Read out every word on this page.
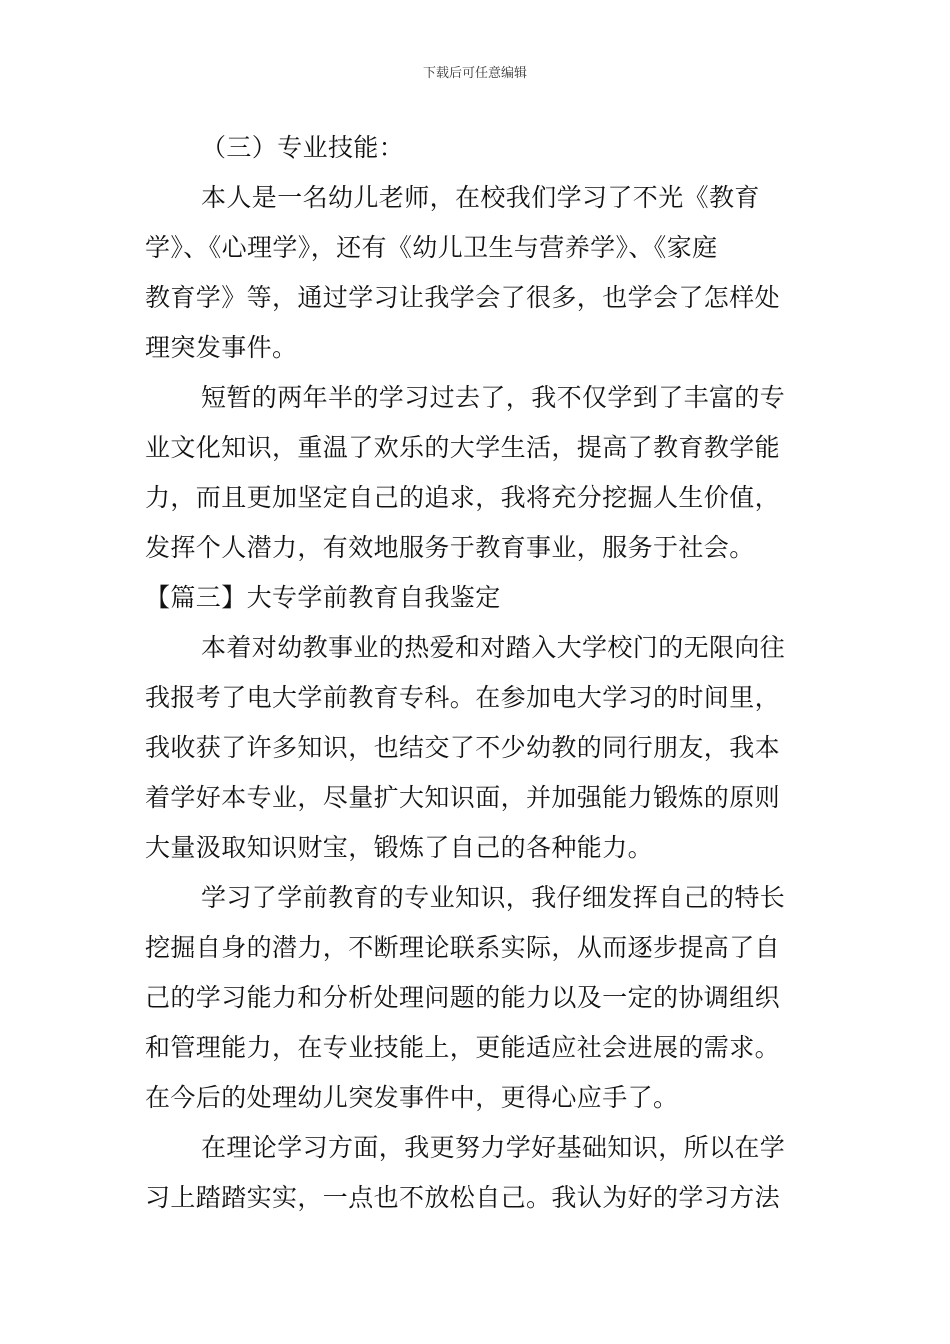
下载后可任意编辑
（三）专业技能：
本人是一名幼儿老师，在校我们学习了不光《教育
学》、《心理学》，还有《幼儿卫生与营养学》、《家庭
教育学》等，通过学习让我学会了很多，也学会了怎样处
理突发事件。
短暂的两年半的学习过去了，我不仅学到了丰富的专
业文化知识，重温了欢乐的大学生活，提高了教育教学能
力，而且更加坚定自己的追求，我将充分挖掘人生价值，
发挥个人潜力，有效地服务于教育事业，服务于社会。
【篇三】大专学前教育自我鉴定
本着对幼教事业的热爱和对踏入大学校门的无限向往
我报考了电大学前教育专科。在参加电大学习的时间里，
我收获了许多知识，也结交了不少幼教的同行朋友，我本
着学好本专业，尽量扩大知识面，并加强能力锻炼的原则
大量汲取知识财宝，锻炼了自己的各种能力。
学习了学前教育的专业知识，我仔细发挥自己的特长
挖掘自身的潜力，不断理论联系实际，从而逐步提高了自
己的学习能力和分析处理问题的能力以及一定的协调组织
和管理能力，在专业技能上，更能适应社会进展的需求。
在今后的处理幼儿突发事件中，更得心应手了。
在理论学习方面，我更努力学好基础知识，所以在学
习上踏踏实实，一点也不放松自己。我认为好的学习方法
